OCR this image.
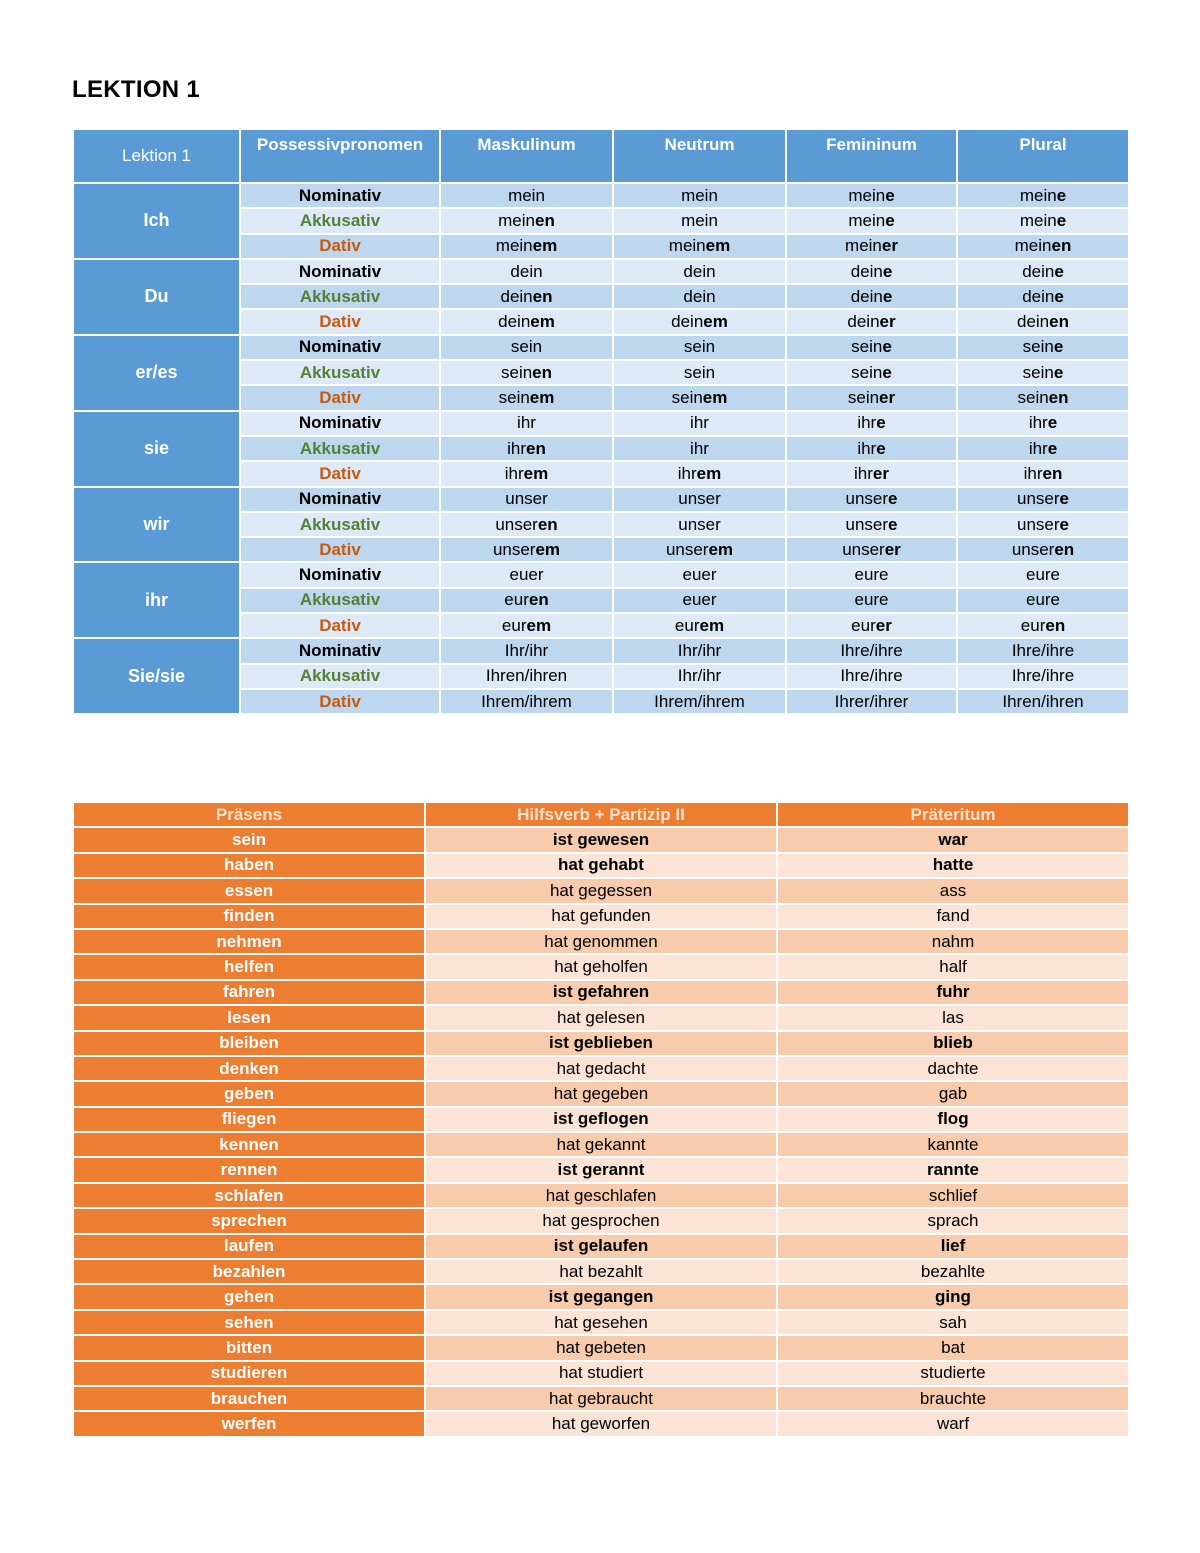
LEKTION 1
Lektion 1	Possessivpronomen	Maskulinum	Neutrum	Femininum	Plural
Ich	Nominativ	mein	mein	meine	meine
	Akkusativ	meinen	mein	meine	meine
	Dativ	meinem	meinem	meiner	meinen
Du	Nominativ	dein	dein	deine	deine
	Akkusativ	deinen	dein	deine	deine
	Dativ	deinem	deinem	deiner	deinen
er/es	Nominativ	sein	sein	seine	seine
	Akkusativ	seinen	sein	seine	seine
	Dativ	seinem	seinem	seiner	seinen
sie	Nominativ	ihr	ihr	ihre	ihre
	Akkusativ	ihren	ihr	ihre	ihre
	Dativ	ihrem	ihrem	ihrer	ihren
wir	Nominativ	unser	unser	unsere	unsere
	Akkusativ	unseren	unser	unsere	unsere
	Dativ	unserem	unserem	unserer	unseren
ihr	Nominativ	euer	euer	eure	eure
	Akkusativ	euren	euer	eure	eure
	Dativ	eurem	eurem	eurer	euren
Sie/sie	Nominativ	Ihr/ihr	Ihr/ihr	Ihre/ihre	Ihre/ihre
	Akkusativ	Ihren/ihren	Ihr/ihr	Ihre/ihre	Ihre/ihre
	Dativ	Ihrem/ihrem	Ihrem/ihrem	Ihrer/ihrer	Ihren/ihren
Präsens	Hilfsverb + Partizip II	Präteritum
sein	ist gewesen	war
haben	hat gehabt	hatte
essen	hat gegessen	ass
finden	hat gefunden	fand
nehmen	hat genommen	nahm
helfen	hat geholfen	half
fahren	ist gefahren	fuhr
lesen	hat gelesen	las
bleiben	ist geblieben	blieb
denken	hat gedacht	dachte
geben	hat gegeben	gab
fliegen	ist geflogen	flog
kennen	hat gekannt	kannte
rennen	ist gerannt	rannte
schlafen	hat geschlafen	schlief
sprechen	hat gesprochen	sprach
laufen	ist gelaufen	lief
bezahlen	hat bezahlt	bezahlte
gehen	ist gegangen	ging
sehen	hat gesehen	sah
bitten	hat gebeten	bat
studieren	hat studiert	studierte
brauchen	hat gebraucht	brauchte
werfen	hat geworfen	warf
